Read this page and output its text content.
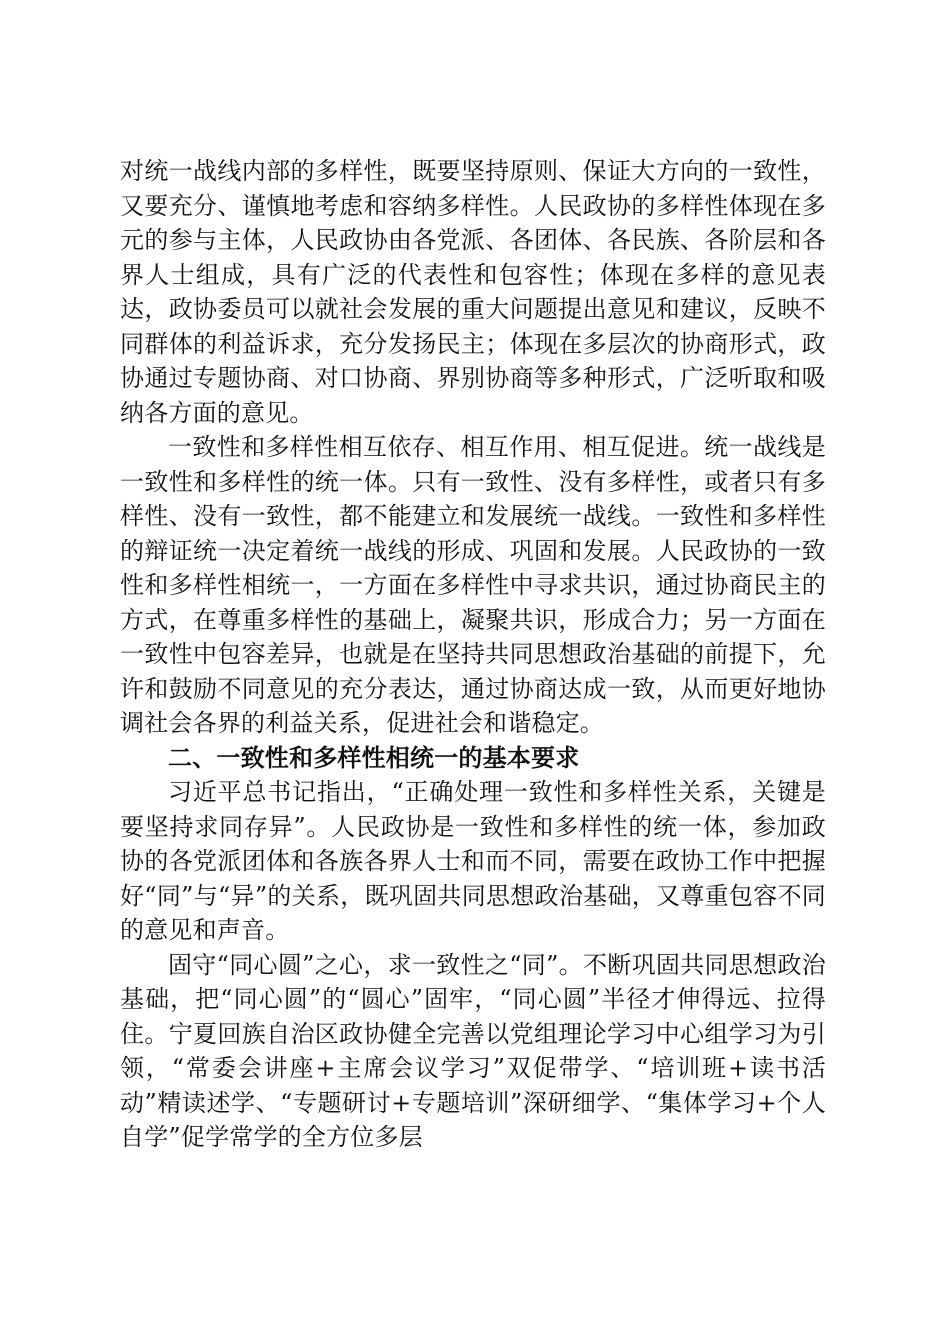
对统一战线内部的多样性，既要坚持原则、保证大方向的一致性，又要充分、谨慎地考虑和容纳多样性。人民政协的多样性体现在多元的参与主体，人民政协由各党派、各团体、各民族、各阶层和各界人士组成，具有广泛的代表性和包容性；体现在多样的意见表达，政协委员可以就社会发展的重大问题提出意见和建议，反映不同群体的利益诉求，充分发扬民主；体现在多层次的协商形式，政协通过专题协商、对口协商、界别协商等多种形式，广泛听取和吸纳各方面的意见。

一致性和多样性相互依存、相互作用、相互促进。统一战线是一致性和多样性的统一体。只有一致性、没有多样性，或者只有多样性、没有一致性，都不能建立和发展统一战线。一致性和多样性的辩证统一决定着统一战线的形成、巩固和发展。人民政协的一致性和多样性相统一，一方面在多样性中寻求共识，通过协商民主的方式，在尊重多样性的基础上，凝聚共识，形成合力；另一方面在一致性中包容差异，也就是在坚持共同思想政治基础的前提下，允许和鼓励不同意见的充分表达，通过协商达成一致，从而更好地协调社会各界的利益关系，促进社会和谐稳定。

二、一致性和多样性相统一的基本要求

习近平总书记指出，“正确处理一致性和多样性关系，关键是要坚持求同存异”。人民政协是一致性和多样性的统一体，参加政协的各党派团体和各族各界人士和而不同，需要在政协工作中把握好“同”与“异”的关系，既巩固共同思想政治基础，又尊重包容不同的意见和声音。

固守“同心圆”之心，求一致性之“同”。不断巩固共同思想政治基础，把“同心圆”的“圆心”固牢，“同心圆”半径才伸得远、拉得住。宁夏回族自治区政协健全完善以党组理论学习中心组学习为引领，“常委会讲座+主席会议学习”双促带学、“培训班+读书活动”精读述学、“专题研讨+专题培训”深研细学、“集体学习+个人自学”促学常学的全方位多层
